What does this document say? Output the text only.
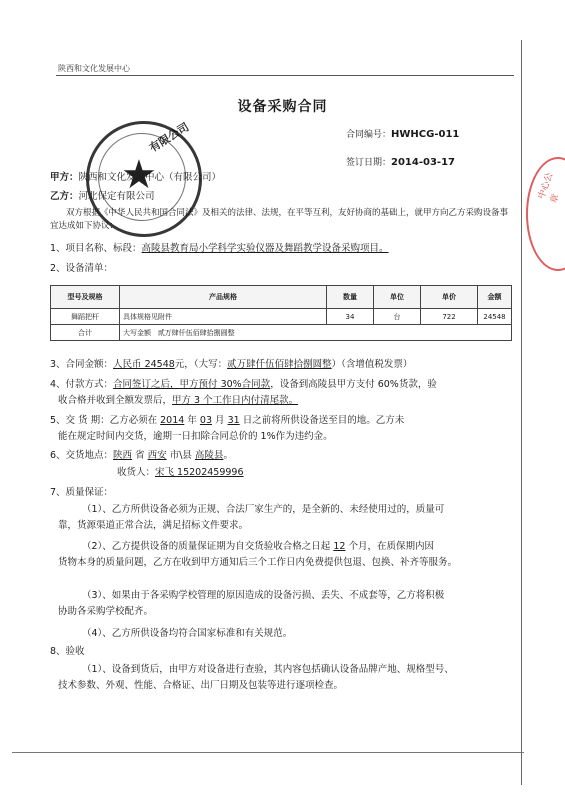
陕西和文化发展中心
设备采购合同
合同编号：HWHCG-011
签订日期：2014-03-17
★
有限公司
中心公章
甲方：陕西和文化发展中心（有限公司）
乙方：河北保定有限公司
双方根据《中华人民共和国合同法》及相关的法律、法规，在平等互利，友好协商的基础上，就甲方向乙方采购设备事宜达成如下协议：
1、项目名称、标段：高陵县教育局小学科学实验仪器及舞蹈教学设备采购项目。
2、设备清单：
型号及规格	产品规格	数量	单位	单价	金额
舞蹈把杆	具体规格见附件	34	台	722	24548
合计	大写金额 贰万肆仟伍佰肆拾捌圆整				
3、合同金额：人民币 24548元，（大写：贰万肆仟伍佰肆拾捌圆整）（含增值税发票）
4、付款方式：合同签订之后，甲方预付 30%合同款，设备到高陵县甲方支付 60%货款，验
收合格并收到全额发票后，甲方 3 个工作日内付清尾款。
5、交 货 期：乙方必须在 2014 年 03 月 31 日之前将所供设备送至目的地。乙方未
能在规定时间内交货，逾期一日扣除合同总价的 1%作为违约金。
6、交货地点：陕西 省 西安 市\县 高陵县。
收货人：宋飞 15202459996
7、质量保证：
（1）、乙方所供设备必须为正规、合法厂家生产的，是全新的、未经使用过的，质量可
靠，货源渠道正常合法，满足招标文件要求。
（2）、乙方提供设备的质量保证期为自交货验收合格之日起 12 个月，在质保期内因
货物本身的质量问题，乙方在收到甲方通知后三个工作日内免费提供包退、包换、补齐等服务。
（3）、如果由于各采购学校管理的原因造成的设备污损、丢失、不成套等，乙方将积极
协助各采购学校配齐。
（4）、乙方所供设备均符合国家标准和有关规范。
8、验收
（1）、设备到货后，由甲方对设备进行查验，其内容包括确认设备品牌产地、规格型号、
技术参数、外观、性能、合格证、出厂日期及包装等进行逐项检查。
